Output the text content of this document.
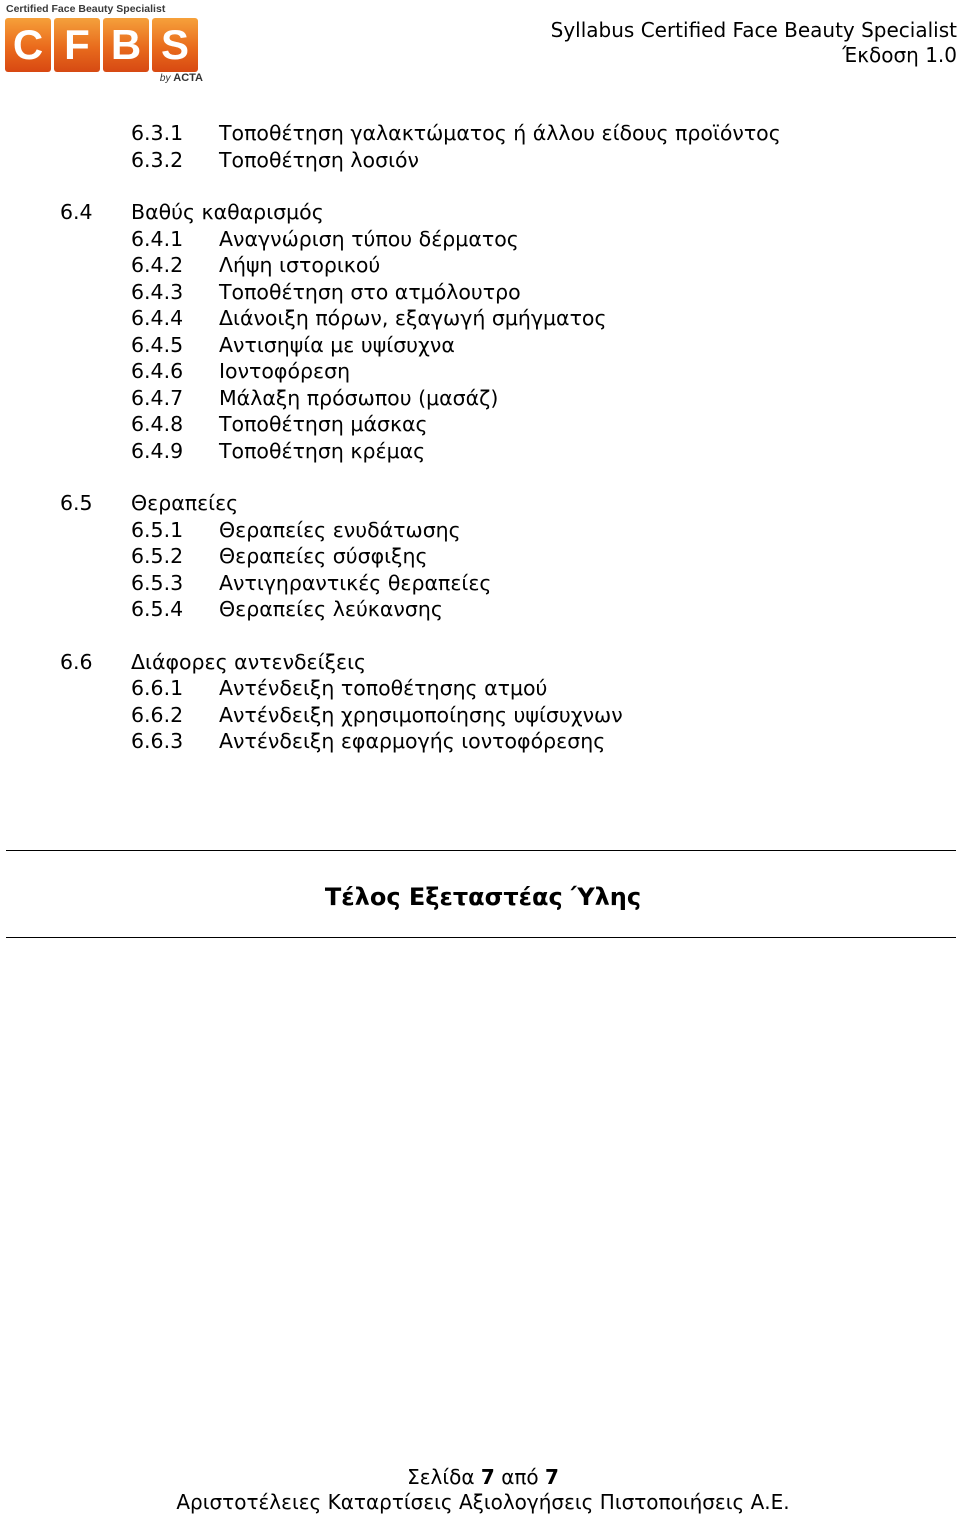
Certified Face Beauty Specialist
C F B S
by ACTA
Syllabus Certified Face Beauty Specialist
Έκδοση 1.0
6.3.1 Τοποθέτηση γαλακτώματος ή άλλου είδους προϊόντος
6.3.2 Τοποθέτηση λοσιόν
6.4 Βαθύς καθαρισμός
6.4.1 Αναγνώριση τύπου δέρματος
6.4.2 Λήψη ιστορικού
6.4.3 Τοποθέτηση στο ατμόλουτρο
6.4.4 Διάνοιξη πόρων, εξαγωγή σμήγματος
6.4.5 Αντισηψία με υψίσυχνα
6.4.6 Ιοντοφόρεση
6.4.7 Μάλαξη πρόσωπου (μασάζ)
6.4.8 Τοποθέτηση μάσκας
6.4.9 Τοποθέτηση κρέμας
6.5 Θεραπείες
6.5.1 Θεραπείες ενυδάτωσης
6.5.2 Θεραπείες σύσφιξης
6.5.3 Αντιγηραντικές θεραπείες
6.5.4 Θεραπείες λεύκανσης
6.6 Διάφορες αντενδείξεις
6.6.1 Αντένδειξη τοποθέτησης ατμού
6.6.2 Αντένδειξη χρησιμοποίησης υψίσυχνων
6.6.3 Αντένδειξη εφαρμογής ιοντοφόρεσης
Τέλος Εξεταστέας Ύλης
Σελίδα 7 από 7
Αριστοτέλειες Καταρτίσεις Αξιολογήσεις Πιστοποιήσεις Α.Ε.
